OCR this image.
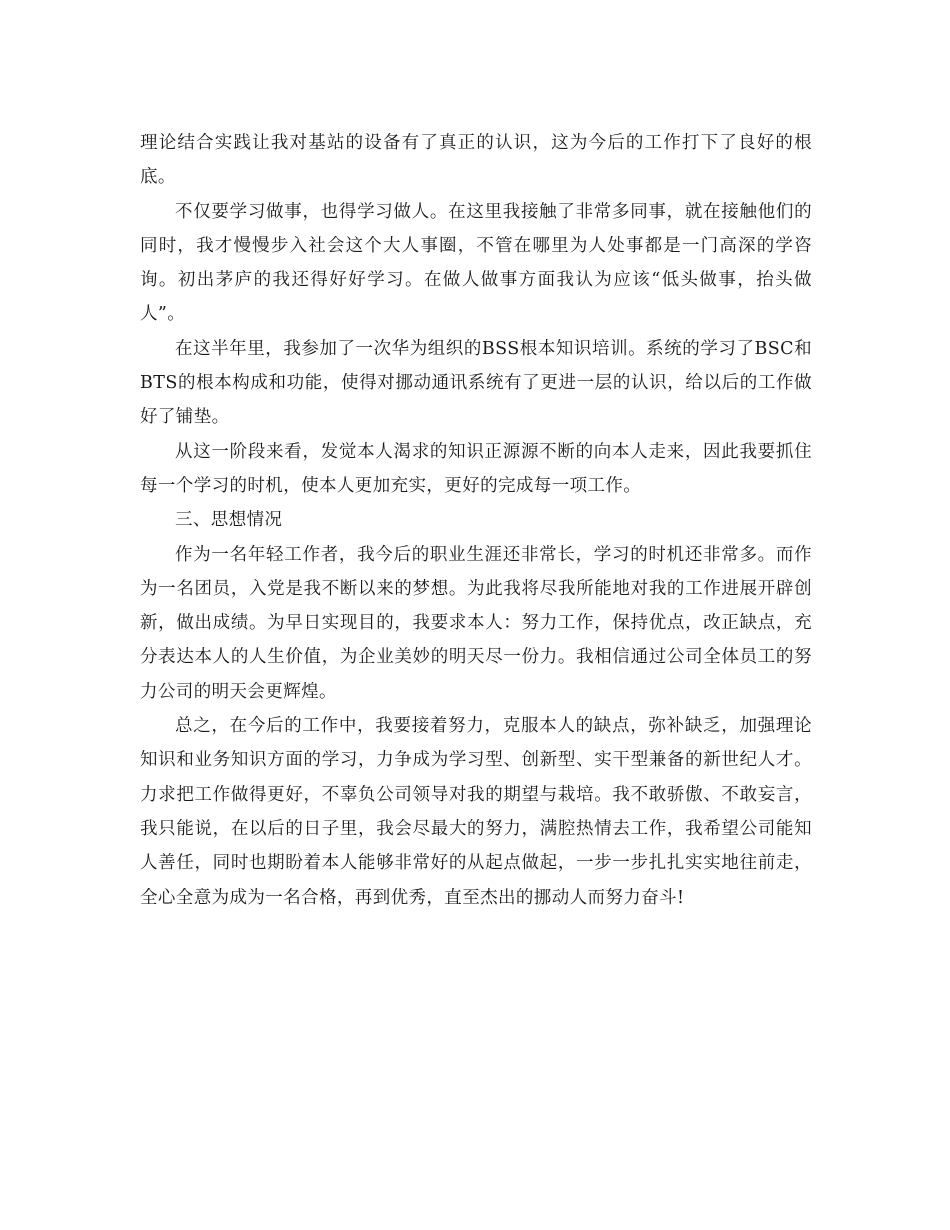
理论结合实践让我对基站的设备有了真正的认识，这为今后的工作打下了良好的根底。

不仅要学习做事，也得学习做人。在这里我接触了非常多同事，就在接触他们的同时，我才慢慢步入社会这个大人事圈，不管在哪里为人处事都是一门高深的学咨询。初出茅庐的我还得好好学习。在做人做事方面我认为应该“低头做事，抬头做人”。

在这半年里，我参加了一次华为组织的BSS根本知识培训。系统的学习了BSC和BTS的根本构成和功能，使得对挪动通讯系统有了更进一层的认识，给以后的工作做好了铺垫。

从这一阶段来看，发觉本人渴求的知识正源源不断的向本人走来，因此我要抓住每一个学习的时机，使本人更加充实，更好的完成每一项工作。

三、思想情况

作为一名年轻工作者，我今后的职业生涯还非常长，学习的时机还非常多。而作为一名团员，入党是我不断以来的梦想。为此我将尽我所能地对我的工作进展开辟创新，做出成绩。为早日实现目的，我要求本人：努力工作，保持优点，改正缺点，充分表达本人的人生价值，为企业美妙的明天尽一份力。我相信通过公司全体员工的努力公司的明天会更辉煌。

总之，在今后的工作中，我要接着努力，克服本人的缺点，弥补缺乏，加强理论知识和业务知识方面的学习，力争成为学习型、创新型、实干型兼备的新世纪人才。力求把工作做得更好，不辜负公司领导对我的期望与栽培。我不敢骄傲、不敢妄言，我只能说，在以后的日子里，我会尽最大的努力，满腔热情去工作，我希望公司能知人善任，同时也期盼着本人能够非常好的从起点做起，一步一步扎扎实实地往前走，全心全意为成为一名合格，再到优秀，直至杰出的挪动人而努力奋斗!
